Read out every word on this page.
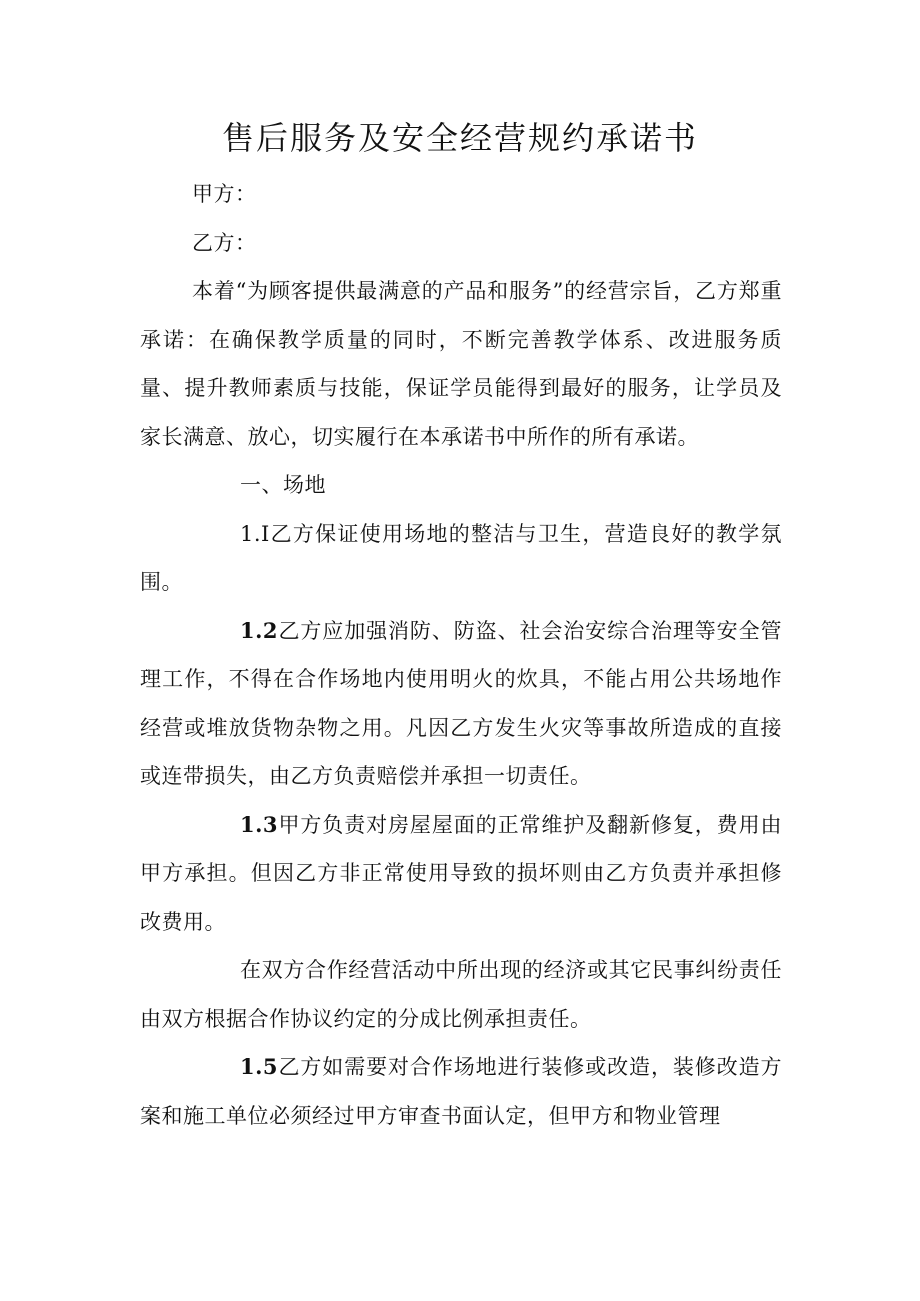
售后服务及安全经营规约承诺书

甲方：

乙方：

本着“为顾客提供最满意的产品和服务”的经营宗旨，乙方郑重承诺：在确保教学质量的同时，不断完善教学体系、改进服务质量、提升教师素质与技能，保证学员能得到最好的服务，让学员及家长满意、放心，切实履行在本承诺书中所作的所有承诺。

一、场地

1.I乙方保证使用场地的整洁与卫生，营造良好的教学氛围。

1.2乙方应加强消防、防盗、社会治安综合治理等安全管理工作，不得在合作场地内使用明火的炊具，不能占用公共场地作经营或堆放货物杂物之用。凡因乙方发生火灾等事故所造成的直接或连带损失，由乙方负责赔偿并承担一切责任。

1.3甲方负责对房屋屋面的正常维护及翻新修复，费用由甲方承担。但因乙方非正常使用导致的损坏则由乙方负责并承担修改费用。

在双方合作经营活动中所出现的经济或其它民事纠纷责任由双方根据合作协议约定的分成比例承担责任。

1.5乙方如需要对合作场地进行装修或改造，装修改造方案和施工单位必须经过甲方审查书面认定，但甲方和物业管理
